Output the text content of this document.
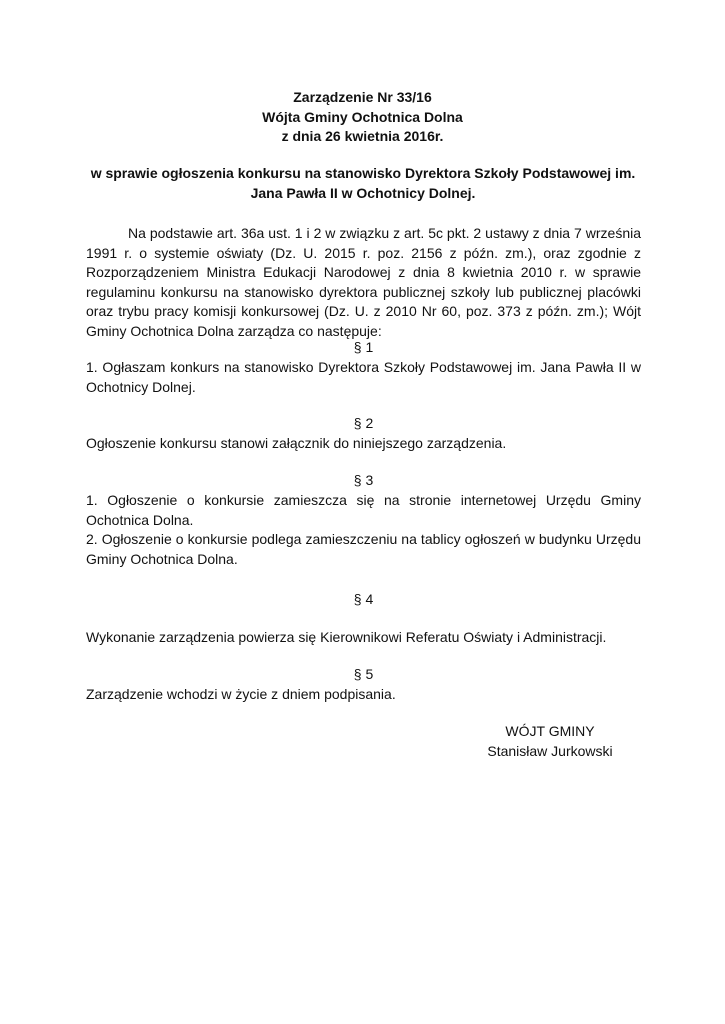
Zarządzenie Nr 33/16
Wójta Gminy Ochotnica Dolna
z dnia 26 kwietnia 2016r.
w sprawie ogłoszenia konkursu na stanowisko Dyrektora Szkoły Podstawowej im.
Jana Pawła II w Ochotnicy Dolnej.
Na podstawie art. 36a ust. 1 i 2 w związku z art. 5c pkt. 2 ustawy z dnia 7 września 1991 r. o systemie oświaty (Dz. U. 2015 r. poz. 2156 z późn. zm.), oraz zgodnie z Rozporządzeniem Ministra Edukacji Narodowej z dnia 8 kwietnia 2010 r. w sprawie regulaminu konkursu na stanowisko dyrektora publicznej szkoły lub publicznej placówki oraz trybu pracy komisji konkursowej (Dz. U. z 2010 Nr 60, poz. 373 z późn. zm.); Wójt Gminy Ochotnica Dolna zarządza co następuje:
§ 1
1. Ogłaszam konkurs na stanowisko Dyrektora Szkoły Podstawowej im. Jana Pawła II w Ochotnicy Dolnej.
§ 2
Ogłoszenie konkursu stanowi załącznik do niniejszego zarządzenia.
§ 3
1. Ogłoszenie o konkursie zamieszcza się na stronie internetowej Urzędu Gminy Ochotnica Dolna.
2. Ogłoszenie o konkursie podlega zamieszczeniu na tablicy ogłoszeń w budynku Urzędu Gminy Ochotnica Dolna.
§ 4
Wykonanie zarządzenia powierza się Kierownikowi Referatu Oświaty i Administracji.
§ 5
Zarządzenie wchodzi w życie z dniem podpisania.
WÓJT GMINY
Stanisław Jurkowski
